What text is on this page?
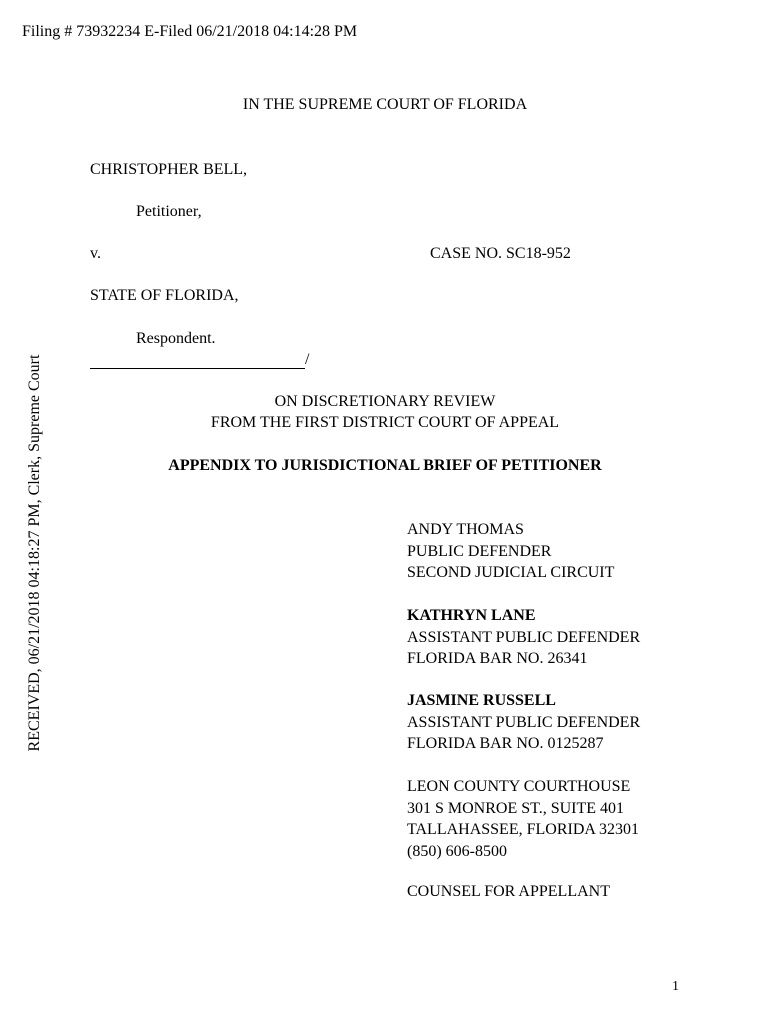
Filing # 73932234 E-Filed 06/21/2018 04:14:28 PM
RECEIVED, 06/21/2018 04:18:27 PM, Clerk, Supreme Court
IN THE SUPREME COURT OF FLORIDA
CHRISTOPHER BELL,
Petitioner,
v.	CASE NO. SC18-952
STATE OF FLORIDA,
Respondent.
/
ON DISCRETIONARY REVIEW
FROM THE FIRST DISTRICT COURT OF APPEAL
APPENDIX TO JURISDICTIONAL BRIEF OF PETITIONER
ANDY THOMAS
PUBLIC DEFENDER
SECOND JUDICIAL CIRCUIT
KATHRYN LANE
ASSISTANT PUBLIC DEFENDER
FLORIDA BAR NO. 26341
JASMINE RUSSELL
ASSISTANT PUBLIC DEFENDER
FLORIDA BAR NO. 0125287
LEON COUNTY COURTHOUSE
301 S MONROE ST., SUITE 401
TALLAHASSEE, FLORIDA 32301
(850) 606-8500
COUNSEL FOR APPELLANT
1
